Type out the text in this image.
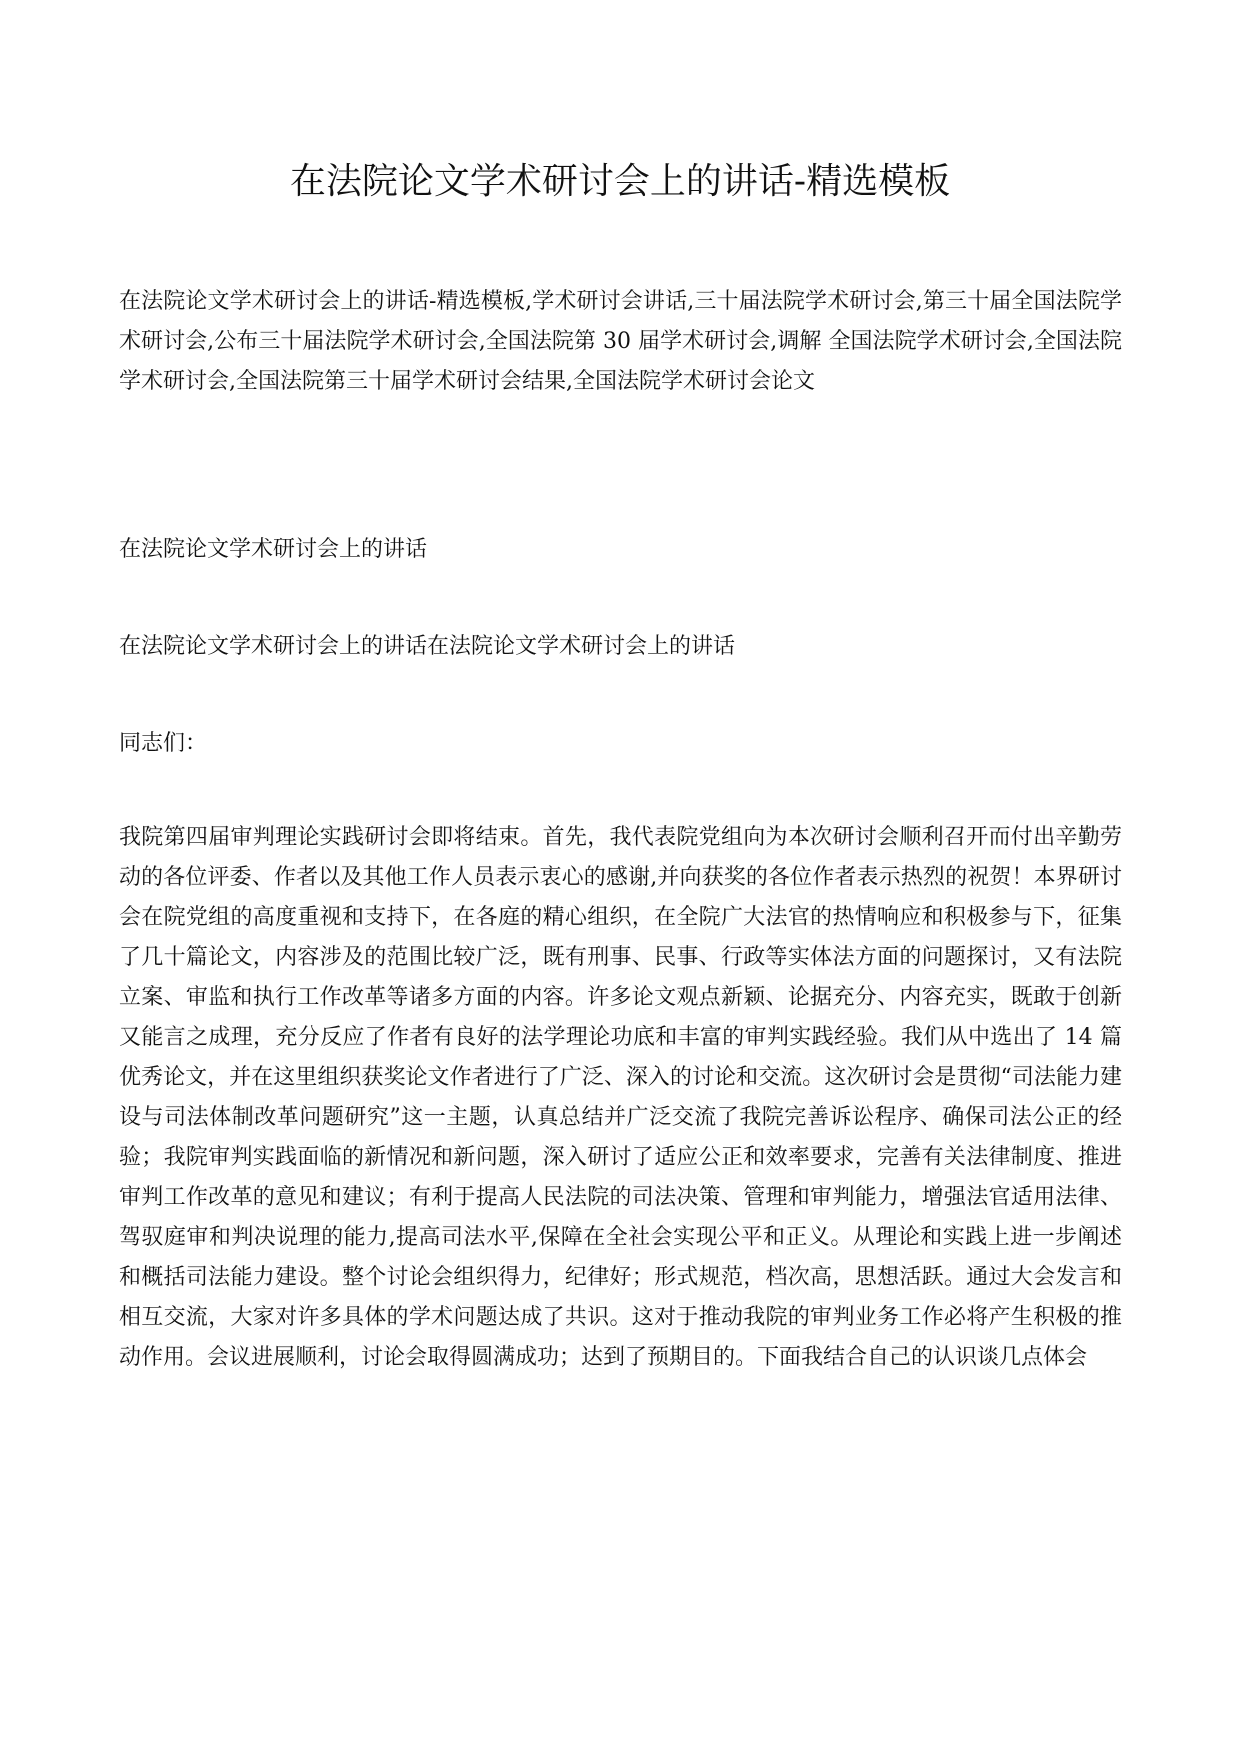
在法院论文学术研讨会上的讲话-精选模板

在法院论文学术研讨会上的讲话-精选模板,学术研讨会讲话,三十届法院学术研讨会,第三十届全国法院学术研讨会,公布三十届法院学术研讨会,全国法院第 30 届学术研讨会,调解 全国法院学术研讨会,全国法院学术研讨会,全国法院第三十届学术研讨会结果,全国法院学术研讨会论文

在法院论文学术研讨会上的讲话

在法院论文学术研讨会上的讲话在法院论文学术研讨会上的讲话

同志们：

我院第四届审判理论实践研讨会即将结束。首先，我代表院党组向为本次研讨会顺利召开而付出辛勤劳动的各位评委、作者以及其他工作人员表示衷心的感谢,并向获奖的各位作者表示热烈的祝贺！本界研讨会在院党组的高度重视和支持下，在各庭的精心组织，在全院广大法官的热情响应和积极参与下，征集了几十篇论文，内容涉及的范围比较广泛，既有刑事、民事、行政等实体法方面的问题探讨，又有法院立案、审监和执行工作改革等诸多方面的内容。许多论文观点新颖、论据充分、内容充实，既敢于创新又能言之成理，充分反应了作者有良好的法学理论功底和丰富的审判实践经验。我们从中选出了 14 篇优秀论文，并在这里组织获奖论文作者进行了广泛、深入的讨论和交流。这次研讨会是贯彻“司法能力建设与司法体制改革问题研究”这一主题，认真总结并广泛交流了我院完善诉讼程序、确保司法公正的经验；我院审判实践面临的新情况和新问题，深入研讨了适应公正和效率要求，完善有关法律制度、推进审判工作改革的意见和建议；有利于提高人民法院的司法决策、管理和审判能力，增强法官适用法律、驾驭庭审和判决说理的能力,提高司法水平,保障在全社会实现公平和正义。从理论和实践上进一步阐述和概括司法能力建设。整个讨论会组织得力，纪律好；形式规范，档次高，思想活跃。通过大会发言和相互交流，大家对许多具体的学术问题达成了共识。这对于推动我院的审判业务工作必将产生积极的推动作用。会议进展顺利，讨论会取得圆满成功；达到了预期目的。下面我结合自己的认识谈几点体会
